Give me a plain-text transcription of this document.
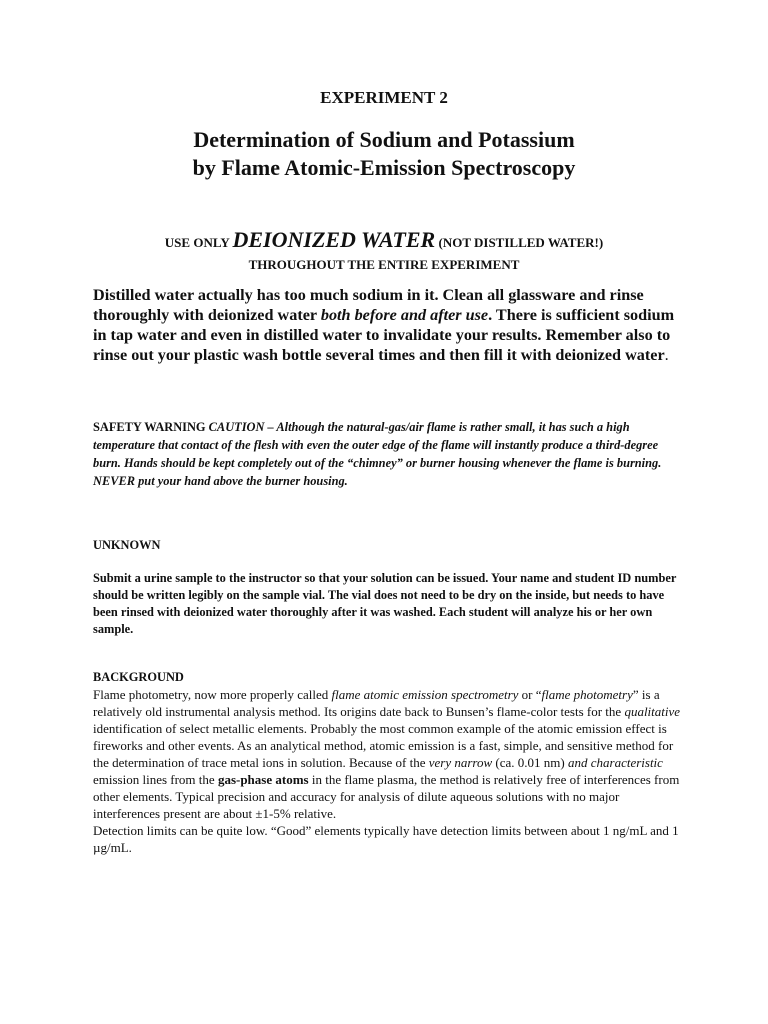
EXPERIMENT 2
Determination of Sodium and Potassium
by Flame Atomic-Emission Spectroscopy
USE ONLY DEIONIZED WATER (NOT DISTILLED WATER!)
THROUGHOUT THE ENTIRE EXPERIMENT
Distilled water actually has too much sodium in it. Clean all glassware and rinse thoroughly with deionized water both before and after use. There is sufficient sodium in tap water and even in distilled water to invalidate your results. Remember also to rinse out your plastic wash bottle several times and then fill it with deionized water.
SAFETY WARNING CAUTION – Although the natural-gas/air flame is rather small, it has such a high temperature that contact of the flesh with even the outer edge of the flame will instantly produce a third-degree burn. Hands should be kept completely out of the “chimney” or burner housing whenever the flame is burning. NEVER put your hand above the burner housing.
UNKNOWN
Submit a urine sample to the instructor so that your solution can be issued. Your name and student ID number should be written legibly on the sample vial. The vial does not need to be dry on the inside, but needs to have been rinsed with deionized water thoroughly after it was washed. Each student will analyze his or her own sample.
BACKGROUND

Flame photometry, now more properly called flame atomic emission spectrometry or “flame photometry” is a relatively old instrumental analysis method. Its origins date back to Bunsen’s flame-color tests for the qualitative identification of select metallic elements. Probably the most common example of the atomic emission effect is fireworks and other events. As an analytical method, atomic emission is a fast, simple, and sensitive method for the determination of trace metal ions in solution. Because of the very narrow (ca. 0.01 nm) and characteristic emission lines from the gas-phase atoms in the flame plasma, the method is relatively free of interferences from other elements. Typical precision and accuracy for analysis of dilute aqueous solutions with no major interferences present are about ±1-5% relative.

Detection limits can be quite low. “Good” elements typically have detection limits between about 1 ng/mL and 1 µg/mL.
